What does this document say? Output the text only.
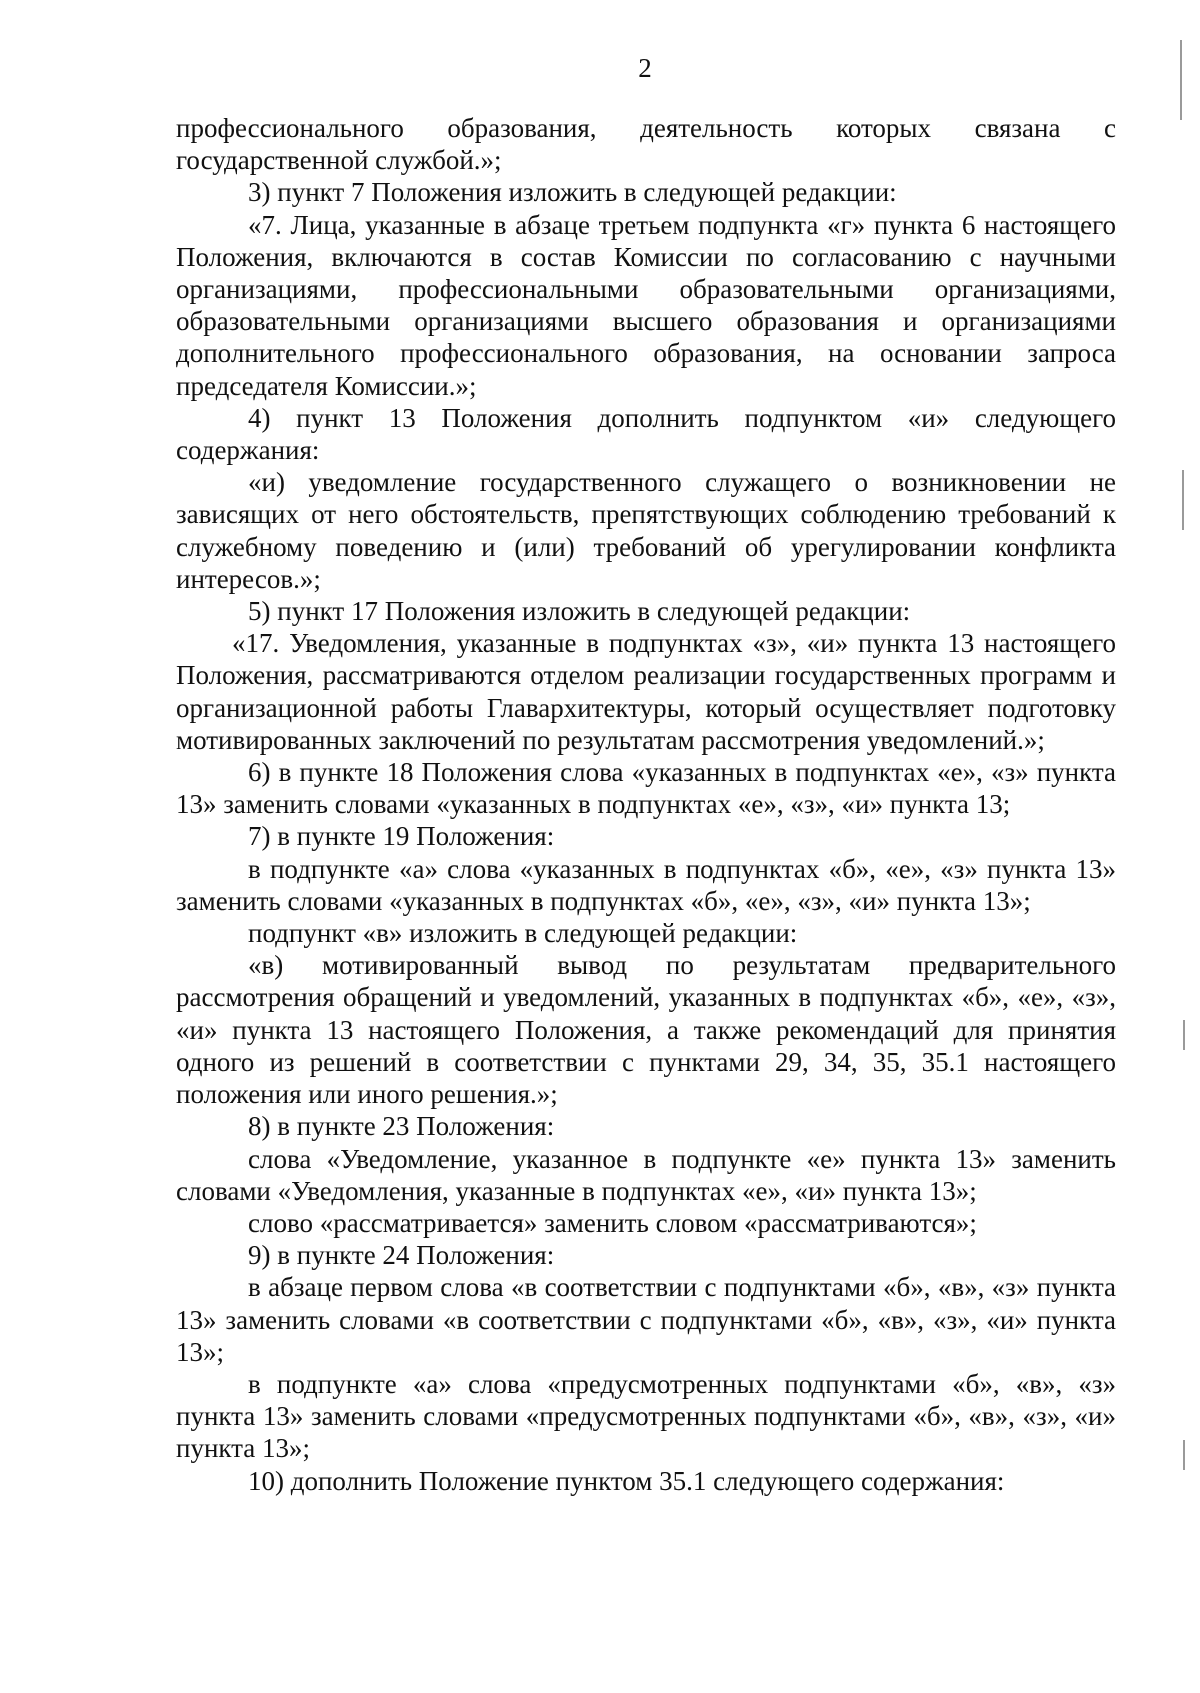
2

профессионального образования, деятельность которых связана с государственной службой.»;

3) пункт 7 Положения изложить в следующей редакции:

«7. Лица, указанные в абзаце третьем подпункта «г» пункта 6 настоящего Положения, включаются в состав Комиссии по согласованию с научными организациями, профессиональными образовательными организациями, образовательными организациями высшего образования и организациями дополнительного профессионального образования, на основании запроса председателя Комиссии.»;

4) пункт 13 Положения дополнить подпунктом «и» следующего содержания:

«и) уведомление государственного служащего о возникновении не зависящих от него обстоятельств, препятствующих соблюдению требований к служебному поведению и (или) требований об урегулировании конфликта интересов.»;

5) пункт 17 Положения изложить в следующей редакции:

«17. Уведомления, указанные в подпунктах «з», «и» пункта 13 настоящего Положения, рассматриваются отделом реализации государственных программ и организационной работы Главархитектуры, который осуществляет подготовку мотивированных заключений по результатам рассмотрения уведомлений.»;

6) в пункте 18 Положения слова «указанных в подпунктах «е», «з» пункта 13» заменить словами «указанных в подпунктах «е», «з», «и» пункта 13;

7) в пункте 19 Положения:

в подпункте «а» слова «указанных в подпунктах «б», «е», «з» пункта 13» заменить словами «указанных в подпунктах «б», «е», «з», «и» пункта 13»;

подпункт «в» изложить в следующей редакции:

«в) мотивированный вывод по результатам предварительного рассмотрения обращений и уведомлений, указанных в подпунктах «б», «е», «з», «и» пункта 13 настоящего Положения, а также рекомендаций для принятия одного из решений в соответствии с пунктами 29, 34, 35, 35.1 настоящего положения или иного решения.»;

8) в пункте 23 Положения:

слова «Уведомление, указанное в подпункте «е» пункта 13» заменить словами «Уведомления, указанные в подпунктах «е», «и» пункта 13»;

слово «рассматривается» заменить словом «рассматриваются»;

9) в пункте 24 Положения:

в абзаце первом слова «в соответствии с подпунктами «б», «в», «з» пункта 13» заменить словами «в соответствии с подпунктами «б», «в», «з», «и» пункта 13»;

в подпункте «а» слова «предусмотренных подпунктами «б», «в», «з» пункта 13» заменить словами «предусмотренных подпунктами «б», «в», «з», «и» пункта 13»;

10) дополнить Положение пунктом 35.1 следующего содержания:
